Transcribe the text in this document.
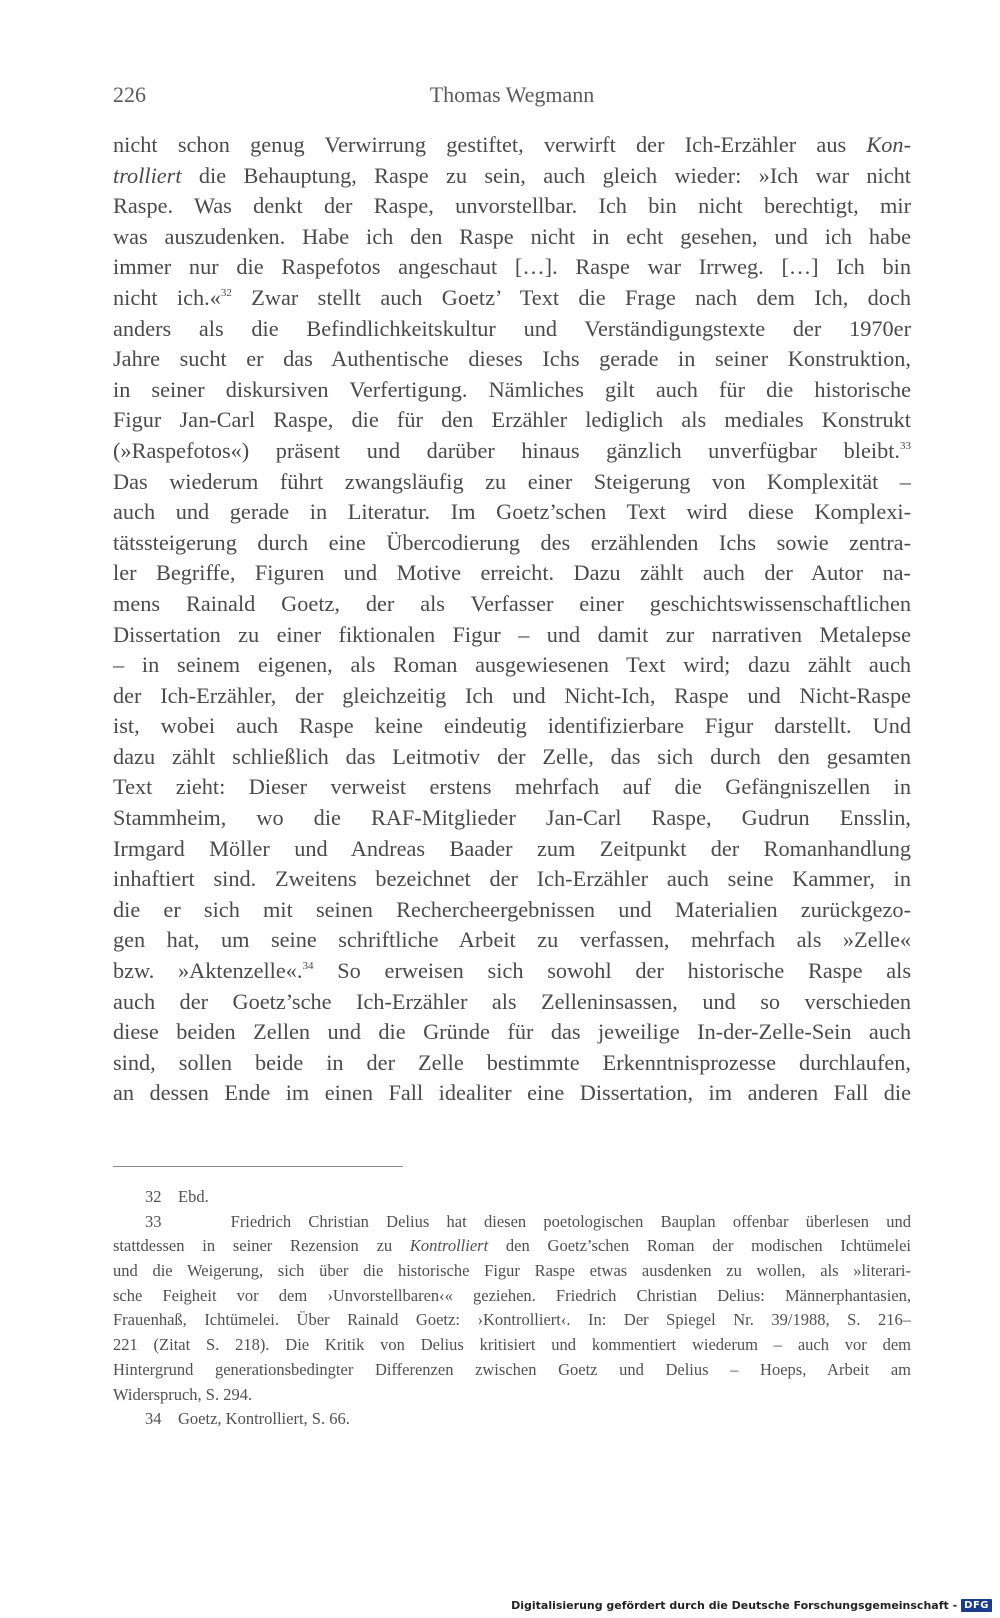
226	Thomas Wegmann
nicht schon genug Verwirrung gestiftet, verwirft der Ich-Erzähler aus Kon-
trolliert die Behauptung, Raspe zu sein, auch gleich wieder: »Ich war nicht
Raspe. Was denkt der Raspe, unvorstellbar. Ich bin nicht berechtigt, mir
was auszudenken. Habe ich den Raspe nicht in echt gesehen, und ich habe
immer nur die Raspefotos angeschaut […]. Raspe war Irrweg. […] Ich bin
nicht ich.«$^{32}$ Zwar stellt auch Goetz’ Text die Frage nach dem Ich, doch
anders als die Befindlichkeitskultur und Verständigungstexte der 1970er
Jahre sucht er das Authentische dieses Ichs gerade in seiner Konstruktion,
in seiner diskursiven Verfertigung. Nämliches gilt auch für die historische
Figur Jan-Carl Raspe, die für den Erzähler lediglich als mediales Konstrukt
(»Raspefotos«) präsent und darüber hinaus gänzlich unverfügbar bleibt.$^{33}$
Das wiederum führt zwangsläufig zu einer Steigerung von Komplexität –
auch und gerade in Literatur. Im Goetz’schen Text wird diese Komplexi-
tätssteigerung durch eine Übercodierung des erzählenden Ichs sowie zentra-
ler Begriffe, Figuren und Motive erreicht. Dazu zählt auch der Autor na-
mens Rainald Goetz, der als Verfasser einer geschichtswissenschaftlichen
Dissertation zu einer fiktionalen Figur – und damit zur narrativen Metalepse
– in seinem eigenen, als Roman ausgewiesenen Text wird; dazu zählt auch
der Ich-Erzähler, der gleichzeitig Ich und Nicht-Ich, Raspe und Nicht-Raspe
ist, wobei auch Raspe keine eindeutig identifizierbare Figur darstellt. Und
dazu zählt schließlich das Leitmotiv der Zelle, das sich durch den gesamten
Text zieht: Dieser verweist erstens mehrfach auf die Gefängniszellen in
Stammheim, wo die RAF-Mitglieder Jan-Carl Raspe, Gudrun Ensslin,
Irmgard Möller und Andreas Baader zum Zeitpunkt der Romanhandlung
inhaftiert sind. Zweitens bezeichnet der Ich-Erzähler auch seine Kammer, in
die er sich mit seinen Rechercheergebnissen und Materialien zurückgezo-
gen hat, um seine schriftliche Arbeit zu verfassen, mehrfach als »Zelle«
bzw. »Aktenzelle«.$^{34}$ So erweisen sich sowohl der historische Raspe als
auch der Goetz’sche Ich-Erzähler als Zelleninsassen, und so verschieden
diese beiden Zellen und die Gründe für das jeweilige In-der-Zelle-Sein auch
sind, sollen beide in der Zelle bestimmte Erkenntnisprozesse durchlaufen,
an dessen Ende im einen Fall idealiter eine Dissertation, im anderen Fall die
32 Ebd.
33	Friedrich Christian Delius hat diesen poetologischen Bauplan offenbar überlesen und
stattdessen in seiner Rezension zu Kontrolliert den Goetz’schen Roman der modischen Ichtümelei
und die Weigerung, sich über die historische Figur Raspe etwas ausdenken zu wollen, als »literari-
sche Feigheit vor dem ›Unvorstellbaren‹« geziehen. Friedrich Christian Delius: Männerphantasien,
Frauenhaß, Ichtümelei. Über Rainald Goetz: ›Kontrolliert‹. In: Der Spiegel Nr. 39/1988, S. 216–
221 (Zitat S. 218). Die Kritik von Delius kritisiert und kommentiert wiederum – auch vor dem
Hintergrund generationsbedingter Differenzen zwischen Goetz und Delius – Hoeps, Arbeit am
Widerspruch, S. 294.
34 Goetz, Kontrolliert, S. 66.
Digitalisierung gefördert durch die Deutsche Forschungsgemeinschaft - DFG
